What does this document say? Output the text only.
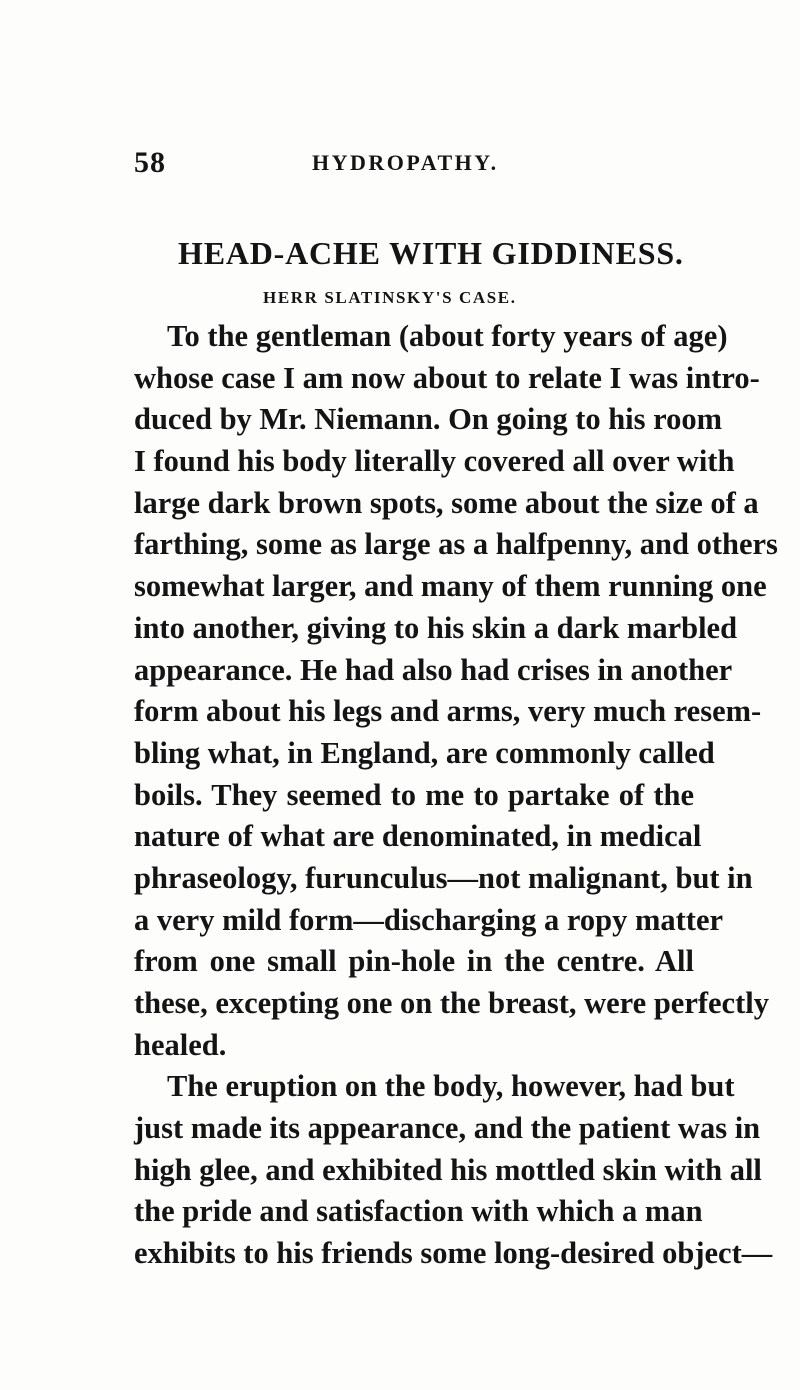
58	HYDROPATHY.
HEAD-ACHE WITH GIDDINESS.
HERR SLATINSKY'S CASE.
To the gentleman (about forty years of age)
whose case I am now about to relate I was intro-
duced by Mr. Niemann. On going to his room
I found his body literally covered all over with
large dark brown spots, some about the size of a
farthing, some as large as a halfpenny, and others
somewhat larger, and many of them running one
into another, giving to his skin a dark marbled
appearance. He had also had crises in another
form about his legs and arms, very much resem-
bling what, in England, are commonly called
boils. They seemed to me to partake of the
nature of what are denominated, in medical
phraseology, furunculus—not malignant, but in
a very mild form—discharging a ropy matter
from one small pin-hole in the centre. All
these, excepting one on the breast, were perfectly
healed.
The eruption on the body, however, had but
just made its appearance, and the patient was in
high glee, and exhibited his mottled skin with all
the pride and satisfaction with which a man
exhibits to his friends some long-desired object—
